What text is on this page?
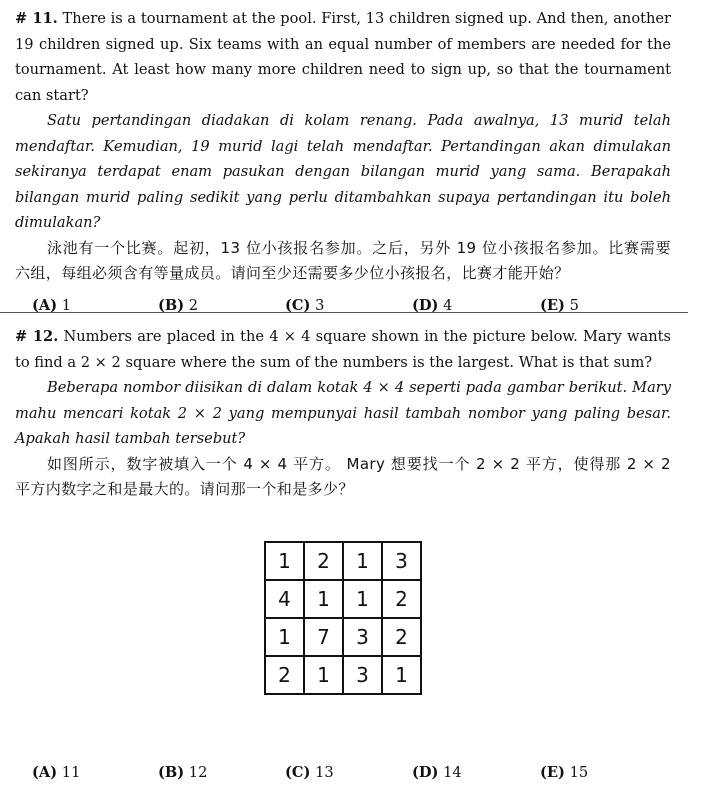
# 11. There is a tournament at the pool. First, 13 children signed up. And then, another 19 children signed up. Six teams with an equal number of members are needed for the tournament. At least how many more children need to sign up, so that the tournament can start?

Satu pertandingan diadakan di kolam renang. Pada awalnya, 13 murid telah mendaftar. Kemudian, 19 murid lagi telah mendaftar. Pertandingan akan dimulakan sekiranya terdapat enam pasukan dengan bilangan murid yang sama. Berapakah bilangan murid paling sedikit yang perlu ditambahkan supaya pertandingan itu boleh dimulakan?

泳池有一个比赛。起初，13 位小孩报名参加。之后，另外 19 位小孩报名参加。比赛需要六组，每组必须含有等量成员。请问至少还需要多少位小孩报名，比赛才能开始？

(A) 1	(B) 2	(C) 3	(D) 4	(E) 5

# 12. Numbers are placed in the 4 × 4 square shown in the picture below. Mary wants to find a 2 × 2 square where the sum of the numbers is the largest. What is that sum?

Beberapa nombor diisikan di dalam kotak 4 × 4 seperti pada gambar berikut. Mary mahu mencari kotak 2 × 2 yang mempunyai hasil tambah nombor yang paling besar. Apakah hasil tambah tersebut?

如图所示，数字被填入一个 4 × 4 平方。 Mary 想要找一个 2 × 2 平方，使得那 2 × 2 平方内数字之和是最大的。请问那一个和是多少？

1	2	1	3
4	1	1	2
1	7	3	2
2	1	3	1
(A) 11	(B) 12	(C) 13	(D) 14	(E) 15
